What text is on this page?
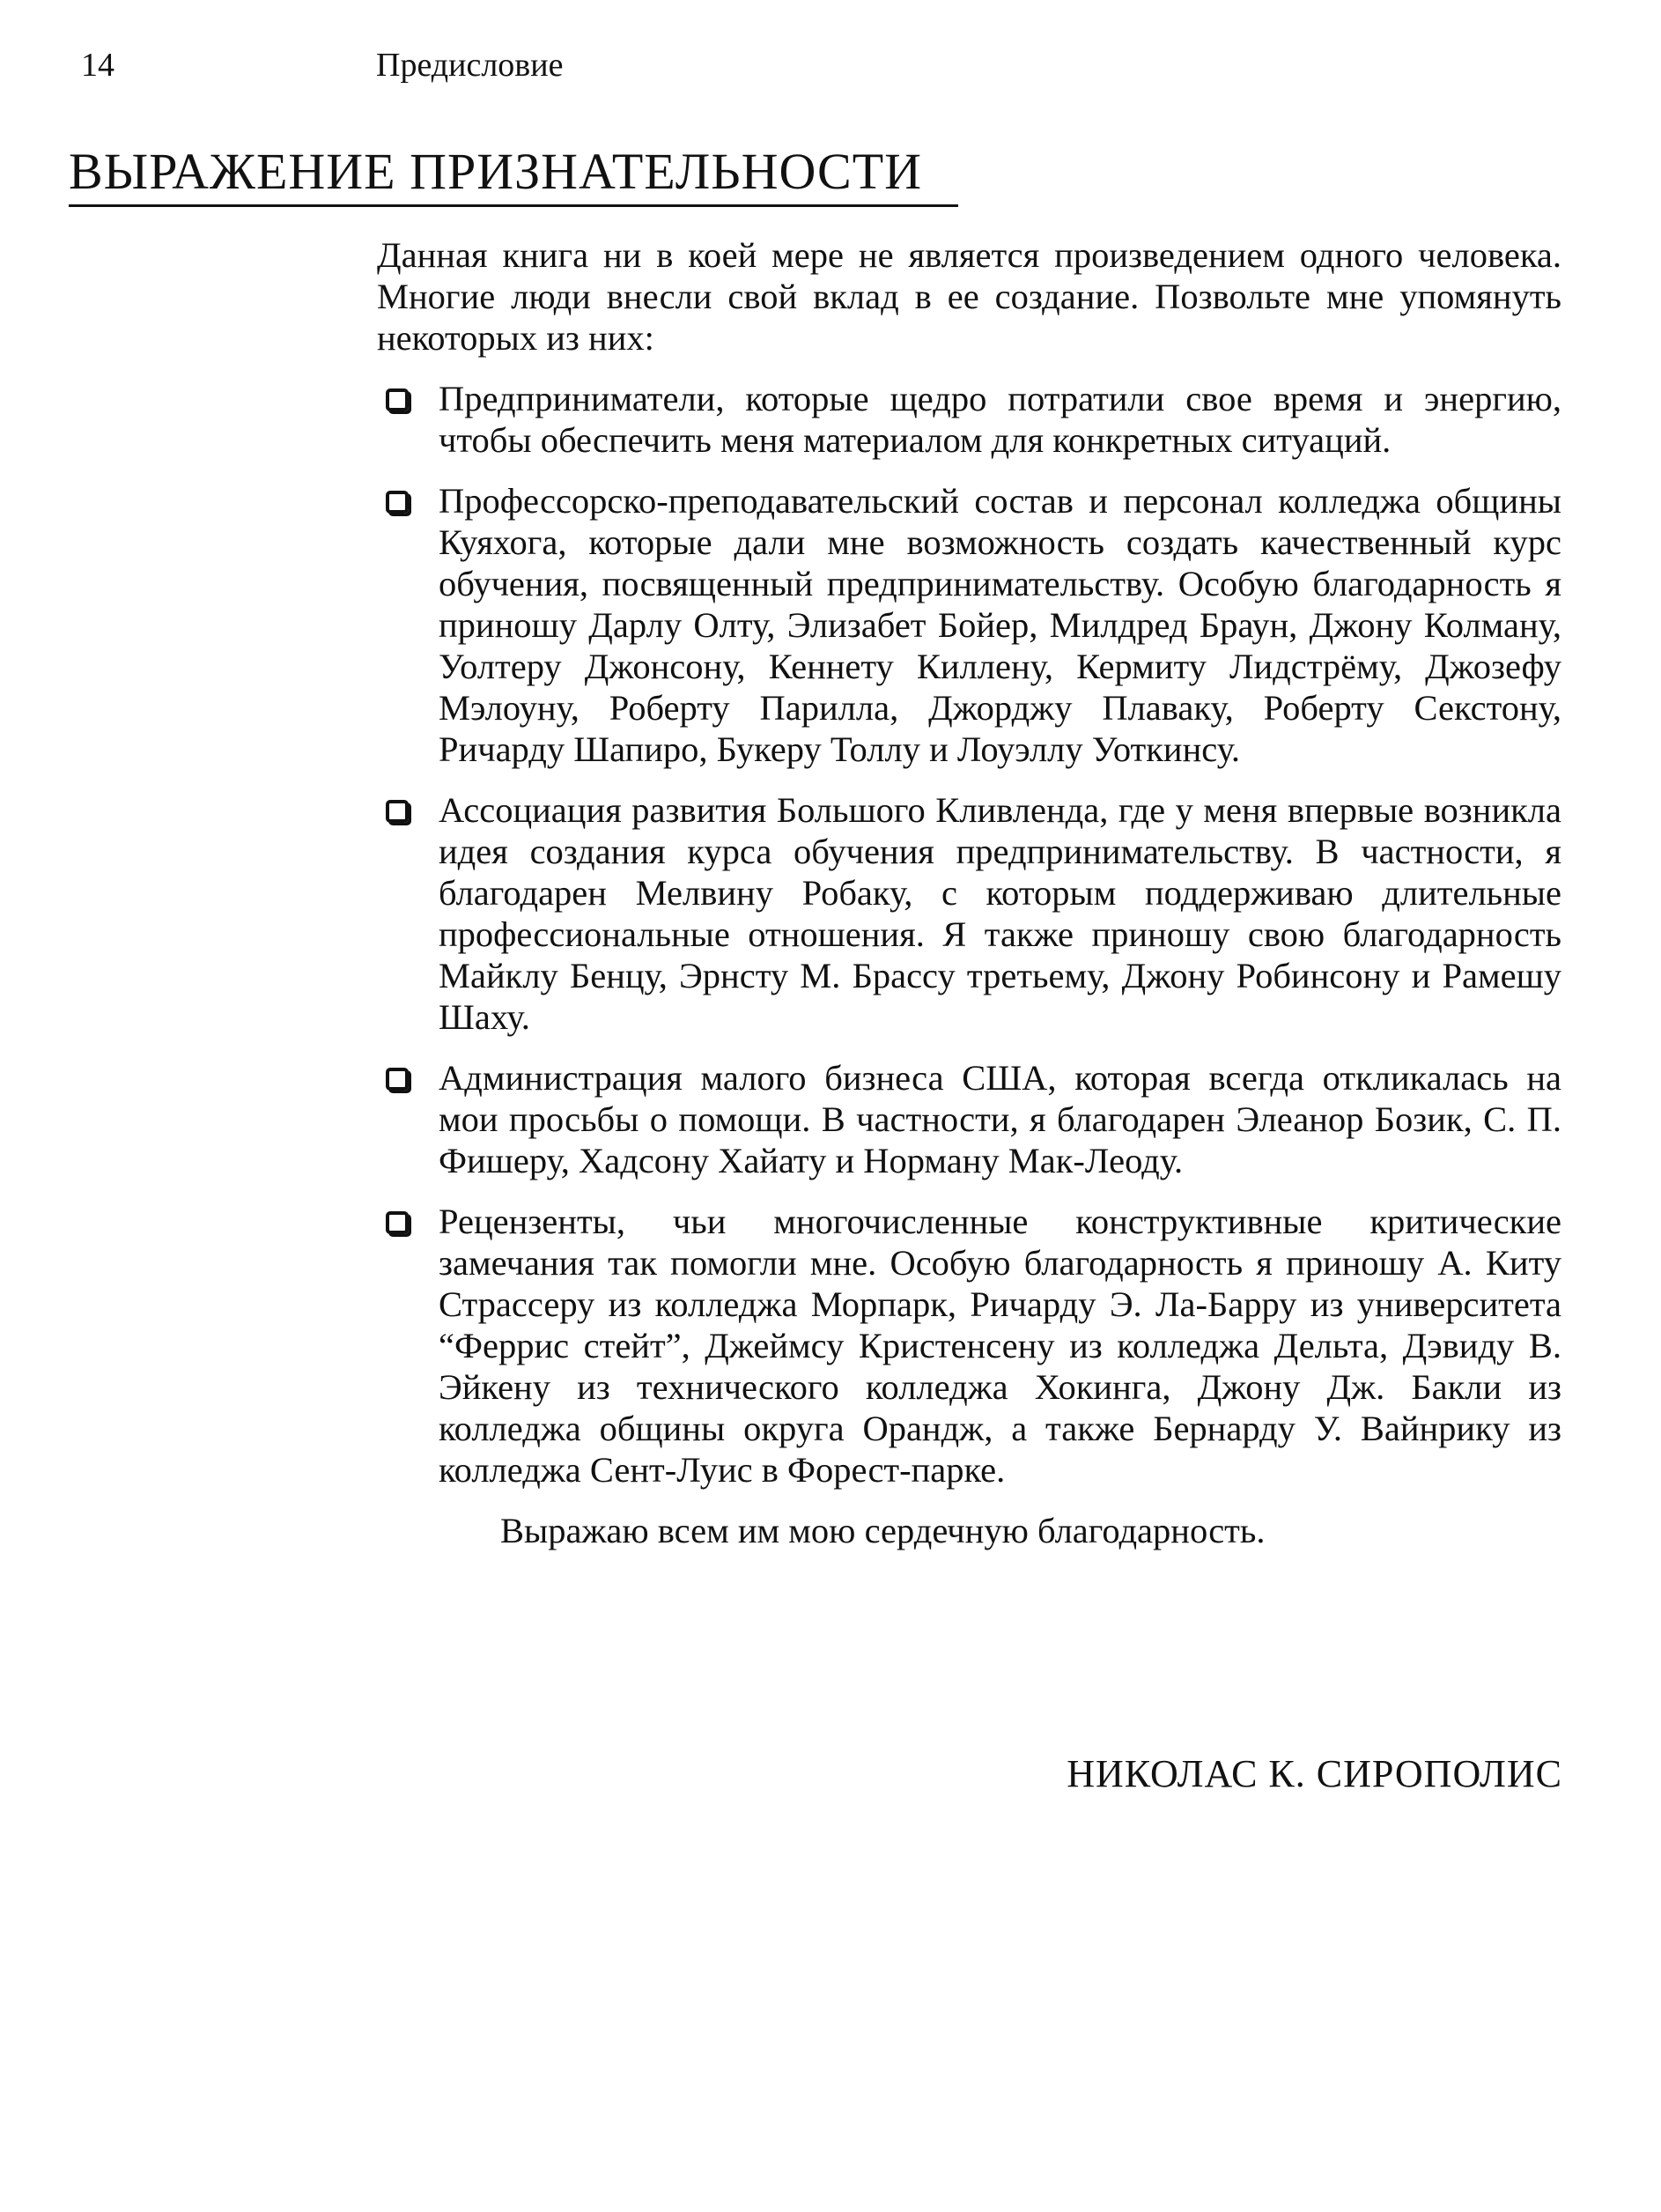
14	Предисловие
ВЫРАЖЕНИЕ ПРИЗНАТЕЛЬНОСТИ

Данная книга ни в коей мере не является произведением одного человека. Многие люди внесли свой вклад в ее создание. Позвольте мне упомянуть некоторых из них:

Предприниматели, которые щедро потратили свое время и энергию, чтобы обеспечить меня материалом для конкретных ситуаций.
Профессорско-преподавательский состав и персонал колледжа общины Куяхога, которые дали мне возможность создать качественный курс обучения, посвященный предпринимательству. Особую благодарность я приношу Дарлу Олту, Элизабет Бойер, Милдред Браун, Джону Колману, Уолтеру Джонсону, Кеннету Киллену, Кермиту Лидстрёму, Джозефу Мэлоуну, Роберту Парилла, Джорджу Плаваку, Роберту Секстону, Ричарду Шапиро, Букеру Толлу и Лоуэллу Уоткинсу.
Ассоциация развития Большого Кливленда, где у меня впервые возникла идея создания курса обучения предпринимательству. В частности, я благодарен Мелвину Робаку, с которым поддерживаю длительные профессиональные отношения. Я также приношу свою благодарность Майклу Бенцу, Эрнсту М. Брассу третьему, Джону Робинсону и Рамешу Шаху.
Администрация малого бизнеса США, которая всегда откликалась на мои просьбы о помощи. В частности, я благодарен Элеанор Бозик, С. П. Фишеру, Хадсону Хайату и Норману Мак-Леоду.
Рецензенты, чьи многочисленные конструктивные критические замечания так помогли мне. Особую благодарность я приношу А. Киту Страссеру из колледжа Морпарк, Ричарду Э. Ла-Барру из университета “Феррис стейт”, Джеймсу Кристенсену из колледжа Дельта, Дэвиду В. Эйкену из технического колледжа Хокинга, Джону Дж. Бакли из колледжа общины округа Орандж, а также Бернарду У. Вайнрику из колледжа Сент-Луис в Форест-парке.

Выражаю всем им мою сердечную благодарность.

НИКОЛАС К. СИРОПОЛИС
